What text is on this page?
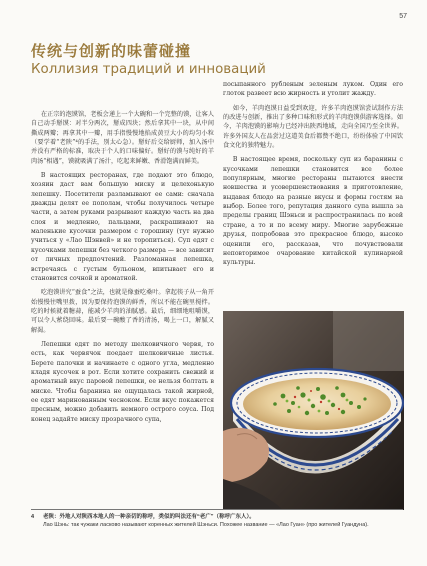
57
传统与创新的味蕾碰撞
Коллизия традиций и инноваций

在正宗的泡馍馆，老板会递上一个大碗和一个完整的馍，让客人自己动手掰馍：对半分两次，掰成四块；然后拿其中一块，从中间撕成两瓣；再拿其中一瓣，用手指慢慢地掐成黄豆大小的均匀小粒（要学着“老陕”⁴的手法，别太心急）。掰好后交给厨师，加入汤中并没有严格的标准，取决于个人的口味偏好。掰好的馍与纯好的羊肉汤“相遇”，馍就吸满了汤汁，吃起来鲜嫩、香滑饱满而鲜美。

В настоящих ресторанах, где подают это блюдо, хозяин даст вам большую миску и целехонькую лепешку. Посетители разламывают ее сами: сначала дважды делят ее пополам, чтобы получилось четыре части, а затем руками разрывают каждую часть на два слоя и медленно, пальцами, раскрашивают на маленькие кусочки размером с горошину (тут нужно учиться у «Лао Шэнвей» и не торопиться). Суп едят с кусочками лепешки без четкого размера — все зависит от личных предпочтений. Разломанная лепешка, встречаясь с густым бульоном, впитывает его и становится сочной и ароматной.

吃泡馍讲究“蚕食”之法，也就是像蚕吃桑叶。拿起筷子从一角开始慢慢往嘴里拨，因为要保持泡馍的鲜香，所以不能在碗里搅拌。吃的时候就着糖蒜，能减少羊肉的油腻感。最后，细细地咀嚼馍，可以令人萦绕回味。最后要一碗酸了香的清汤，喝上一口，解腻又解渴。

Лепешки едят по методу шелковичного червя, то есть, как червячок поедает шелковичные листья. Берете палочки и начинаете с одного угла, медленно кладя кусочек в рот. Если хотите сохранить свежий и ароматный вкус паровой лепешки, ее нельзя болтать в миске. Чтобы баранина не ощущалась такой жирной, ее едят маринованным чесноком. Если вкус покажется пресным, можно добавить немного острого соуса. Под конец задайте миску прозрачного супа,

посыпанного рубленым зеленым луком. Один его глоток развеет всю жирность и утолит жажду.

如今，羊肉泡馍日益受到欢迎，许多羊肉泡馍馆尝试制作方法的改进与创新，推出了多种口味和形式的羊肉泡馍供游客选择。如今，羊肉泡馍的影响力已经冲出陕西地域，走向全国乃至全世界。许多外国友人在品尝过这道美食后都赞不绝口，纷纷体验了中国饮食文化的独特魅力。

В настоящее время, поскольку суп из баранины с кусочками лепешки становится все более популярным, многие рестораны пытаются внести новшества и усовершенствования в приготовление, выдавая блюдо на разные вкусы и формы гостям на выбор. Более того, репутация данного супа вышла за пределы границ Шэньси и распространилась по всей стране, а то и по всему миру. Многие зарубежные друзья, попробовав это прекрасное блюдо, высоко оценили его, рассказав, что почувствовали неповторимое очарование китайской кулинарной культуры.

4 老陕：外地人对陕西本地人的一种亲切的称呼，类似的叫法还有“老广”（称呼广东人）。
Лао Шэнь: так чужаки ласково называют коренных жителей Шэньси. Похожее название — «Лао Гуан» (про жителей Гуандуна).
